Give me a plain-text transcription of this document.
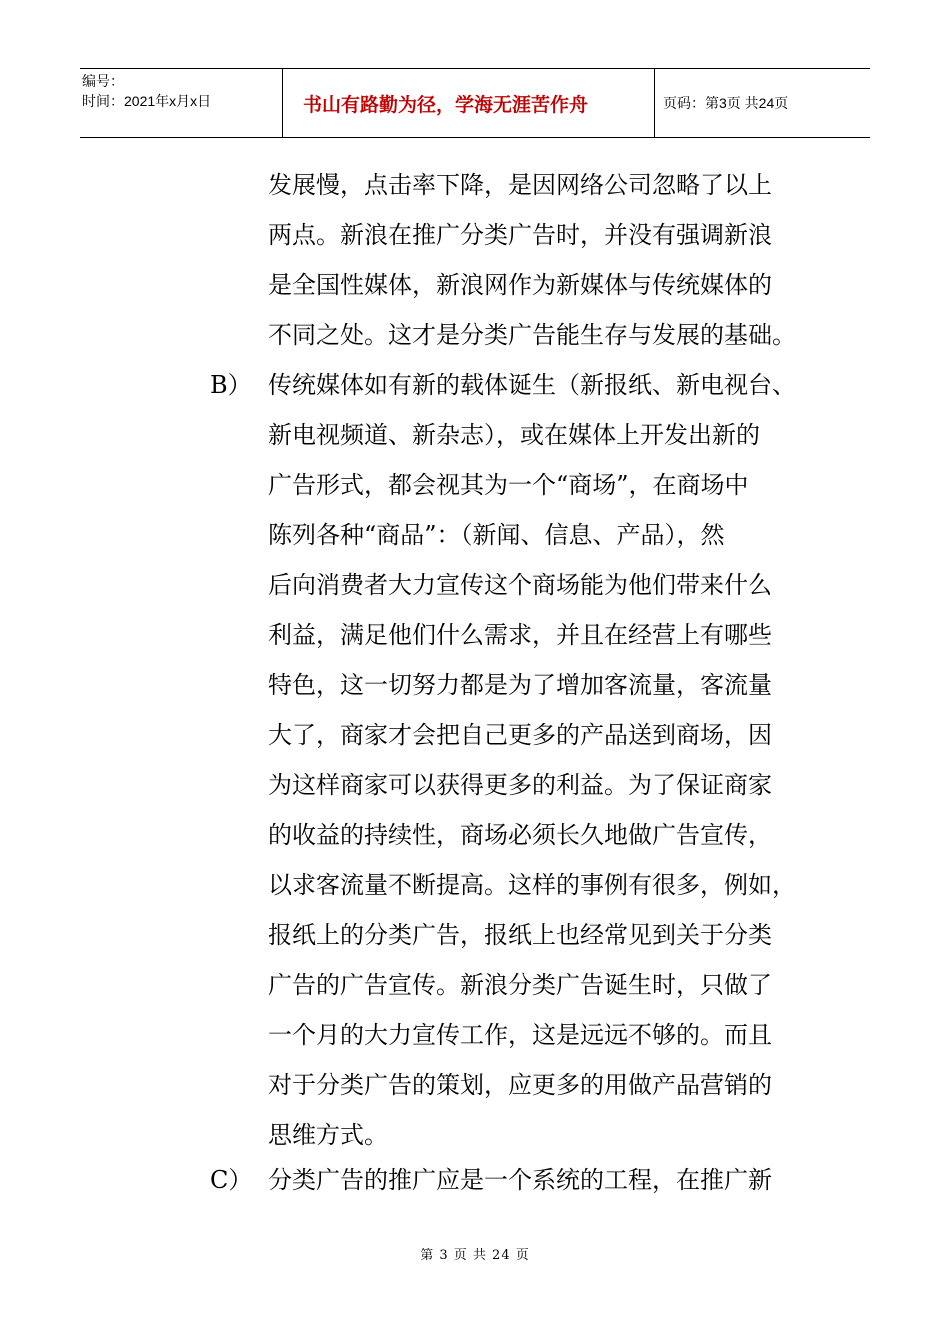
编号：
时间：2021年x月x日	书山有路勤为径，学海无涯苦作舟	页码：第3页 共24页
发展慢，点击率下降，是因网络公司忽略了以上
两点。新浪在推广分类广告时，并没有强调新浪
是全国性媒体，新浪网作为新媒体与传统媒体的
不同之处。这才是分类广告能生存与发展的基础。
B） 传统媒体如有新的载体诞生（新报纸、新电视台、
新电视频道、新杂志），或在媒体上开发出新的
广告形式，都会视其为一个“商场”，在商场中
陈列各种“商品”：（新闻、信息、产品），然
后向消费者大力宣传这个商场能为他们带来什么
利益，满足他们什么需求，并且在经营上有哪些
特色，这一切努力都是为了增加客流量，客流量
大了，商家才会把自己更多的产品送到商场，因
为这样商家可以获得更多的利益。为了保证商家
的收益的持续性，商场必须长久地做广告宣传，
以求客流量不断提高。这样的事例有很多，例如，
报纸上的分类广告，报纸上也经常见到关于分类
广告的广告宣传。新浪分类广告诞生时，只做了
一个月的大力宣传工作，这是远远不够的。而且
对于分类广告的策划，应更多的用做产品营销的
思维方式。
C） 分类广告的推广应是一个系统的工程，在推广新
第 3 页 共 24 页
